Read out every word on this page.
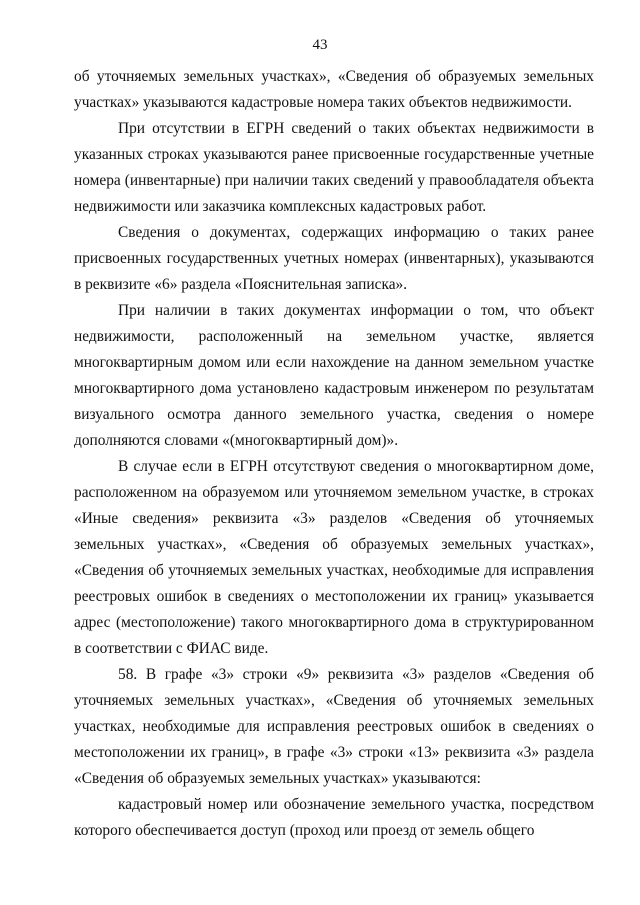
43

об уточняемых земельных участках», «Сведения об образуемых земельных участках» указываются кадастровые номера таких объектов недвижимости.

При отсутствии в ЕГРН сведений о таких объектах недвижимости в указанных строках указываются ранее присвоенные государственные учетные номера (инвентарные) при наличии таких сведений у правообладателя объекта недвижимости или заказчика комплексных кадастровых работ.

Сведения о документах, содержащих информацию о таких ранее присвоенных государственных учетных номерах (инвентарных), указываются в реквизите «6» раздела «Пояснительная записка».

При наличии в таких документах информации о том, что объект недвижимости, расположенный на земельном участке, является многоквартирным домом или если нахождение на данном земельном участке многоквартирного дома установлено кадастровым инженером по результатам визуального осмотра данного земельного участка, сведения о номере дополняются словами «(многоквартирный дом)».

В случае если в ЕГРН отсутствуют сведения о многоквартирном доме, расположенном на образуемом или уточняемом земельном участке, в строках «Иные сведения» реквизита «3» разделов «Сведения об уточняемых земельных участках», «Сведения об образуемых земельных участках», «Сведения об уточняемых земельных участках, необходимые для исправления реестровых ошибок в сведениях о местоположении их границ» указывается адрес (местоположение) такого многоквартирного дома в структурированном в соответствии с ФИАС виде.

58. В графе «3» строки «9» реквизита «3» разделов «Сведения об уточняемых земельных участках», «Сведения об уточняемых земельных участках, необходимые для исправления реестровых ошибок в сведениях о местоположении их границ», в графе «3» строки «13» реквизита «3» раздела «Сведения об образуемых земельных участках» указываются:

кадастровый номер или обозначение земельного участка, посредством которого обеспечивается доступ (проход или проезд от земель общего
